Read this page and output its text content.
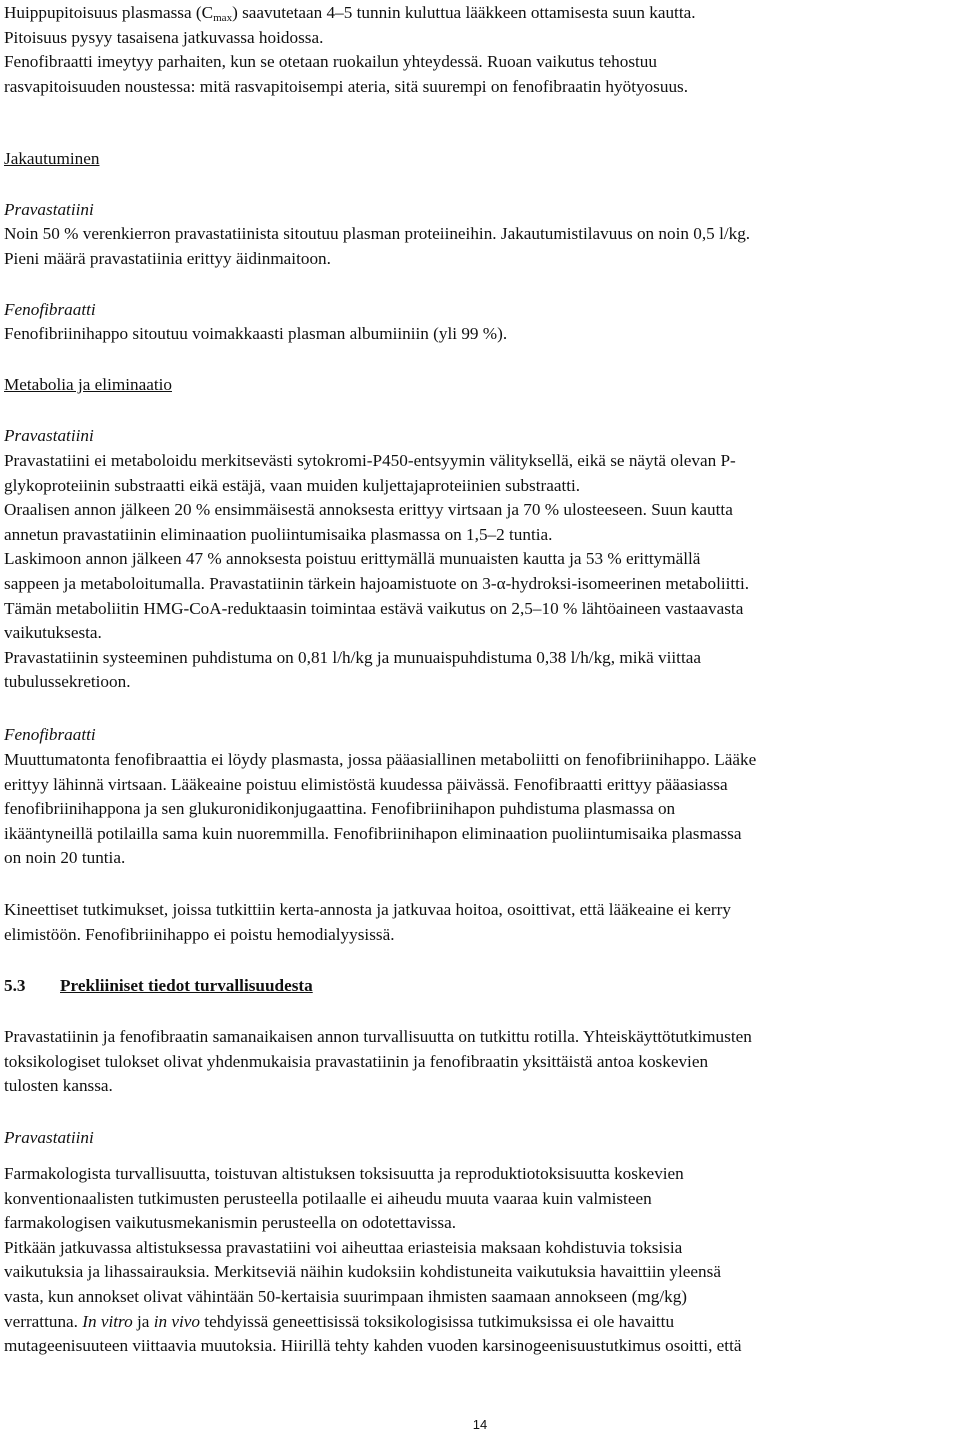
Huippupitoisuus plasmassa $(C_{max})$ saavutetaan 4–5 tunnin kuluttua lääkkeen ottamisesta suun kautta.
Pitoisuus pysyy tasaisena jatkuvassa hoidossa.
Fenofibraatti imeytyy parhaiten, kun se otetaan ruokailun yhteydessä. Ruoan vaikutus tehostuu
rasvapitoisuuden noustessa: mitä rasvapitoisempi ateria, sitä suurempi on fenofibraatin hyötyosuus.

Jakautuminen

Pravastatiini

Noin 50 % verenkierron pravastatiinista sitoutuu plasman proteiineihin. Jakautumistilavuus on noin 0,5 l/kg.
Pieni määrä pravastatiinia erittyy äidinmaitoon.

Fenofibraatti

Fenofibriinihappo sitoutuu voimakkaasti plasman albumiiniin (yli 99 %).

Metabolia ja eliminaatio

Pravastatiini

Pravastatiini ei metaboloidu merkitsevästi sytokromi-P450-entsyymin välityksellä, eikä se näytä olevan P-
glykoproteiinin substraatti eikä estäjä, vaan muiden kuljettajaproteiinien substraatti.
Oraalisen annon jälkeen 20 % ensimmäisestä annoksesta erittyy virtsaan ja 70 % ulosteeseen. Suun kautta
annetun pravastatiinin eliminaation puoliintumisaika plasmassa on 1,5–2 tuntia.
Laskimoon annon jälkeen 47 % annoksesta poistuu erittymällä munuaisten kautta ja 53 % erittymällä
sappeen ja metaboloitumalla. Pravastatiinin tärkein hajoamistuote on 3-α-hydroksi-isomeerinen metaboliitti.
Tämän metaboliitin HMG-CoA-reduktaasin toimintaa estävä vaikutus on 2,5–10 % lähtöaineen vastaavasta
vaikutuksesta.
Pravastatiinin systeeminen puhdistuma on 0,81 l/h/kg ja munuaispuhdistuma 0,38 l/h/kg, mikä viittaa
tubulussekretioon.

Fenofibraatti

Muuttumatonta fenofibraattia ei löydy plasmasta, jossa pääasiallinen metaboliitti on fenofibriinihappo. Lääke
erittyy lähinnä virtsaan. Lääkeaine poistuu elimistöstä kuudessa päivässä. Fenofibraatti erittyy pääasiassa
fenofibriinihappona ja sen glukuronidikonjugaattina. Fenofibriinihapon puhdistuma plasmassa on
ikääntyneillä potilailla sama kuin nuoremmilla. Fenofibriinihapon eliminaation puoliintumisaika plasmassa
on noin 20 tuntia.

Kineettiset tutkimukset, joissa tutkittiin kerta-annosta ja jatkuvaa hoitoa, osoittivat, että lääkeaine ei kerry
elimistöön. Fenofibriinihappo ei poistu hemodialyysissä.

5.3 Prekliiniset tiedot turvallisuudesta

Pravastatiinin ja fenofibraatin samanaikaisen annon turvallisuutta on tutkittu rotilla. Yhteiskäyttötutkimusten
toksikologiset tulokset olivat yhdenmukaisia pravastatiinin ja fenofibraatin yksittäistä antoa koskevien
tulosten kanssa.

Pravastatiini

Farmakologista turvallisuutta, toistuvan altistuksen toksisuutta ja reproduktiotoksisuutta koskevien
konventionaalisten tutkimusten perusteella potilaalle ei aiheudu muuta vaaraa kuin valmisteen
farmakologisen vaikutusmekanismin perusteella on odotettavissa.
Pitkään jatkuvassa altistuksessa pravastatiini voi aiheuttaa eriasteisia maksaan kohdistuvia toksisia
vaikutuksia ja lihassairauksia. Merkitseviä näihin kudoksiin kohdistuneita vaikutuksia havaittiin yleensä
vasta, kun annokset olivat vähintään 50-kertaisia suurimpaan ihmisten saamaan annokseen (mg/kg)
verrattuna. In vitro ja in vivo tehdyissä geneettisissä toksikologisissa tutkimuksissa ei ole havaittu
mutageenisuuteen viittaavia muutoksia. Hiirillä tehty kahden vuoden karsinogeenisuustutkimus osoitti, että

14
